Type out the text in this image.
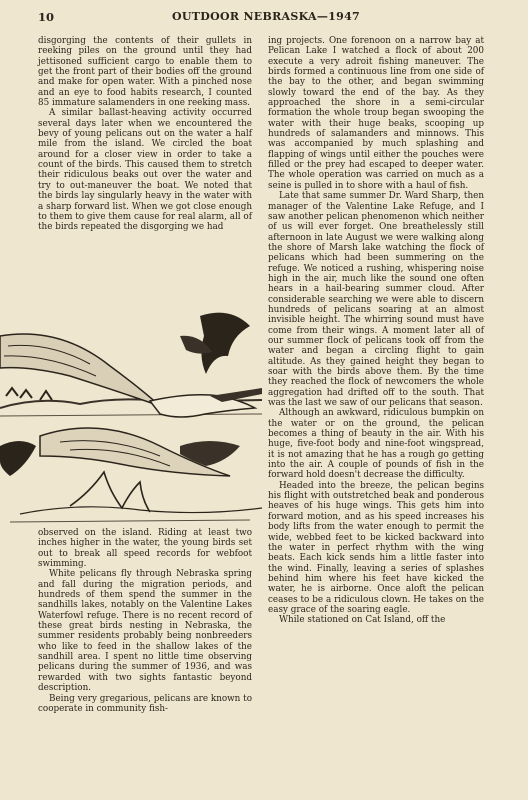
10	OUTDOOR NEBRASKA—1947

disgorging the contents of their gullets in reeking piles on the ground until they had jettisoned sufficient cargo to enable them to get the front part of their bodies off the ground and make for open water. With a pinched nose and an eye to food habits research, I counted 85 immature salamenders in one reeking mass.

A similar ballast-heaving activity occurred several days later when we encountered the bevy of young pelicans out on the water a half mile from the island. We circled the boat around for a closer view in order to take a count of the birds. This caused them to stretch their ridiculous beaks out over the water and try to out-maneuver the boat. We noted that the birds lay singularly heavy in the water with a sharp forward list. When we got close enough to them to give them cause for real alarm, all of the birds repeated the disgorging we had

observed on the island. Riding at least two inches higher in the water, the young birds set out to break all speed records for webfoot swimming.

White pelicans fly through Nebraska spring and fall during the migration periods, and hundreds of them spend the summer in the sandhills lakes, notably on the Valentine Lakes Waterfowl refuge. There is no recent record of these great birds nesting in Nebraska, the summer residents probably being nonbreeders who like to feed in the shallow lakes of the sandhill area. I spent no little time observing pelicans during the summer of 1936, and was rewarded with two sights fantastic beyond description.

Being very gregarious, pelicans are known to cooperate in community fish-

ing projects. One forenoon on a narrow bay at Pelican Lake I watched a flock of about 200 execute a very adroit fishing maneuver. The birds formed a continuous line from one side of the bay to the other, and began swimming slowly toward the end of the bay. As they approached the shore in a semi-circular formation the whole troup began swooping the water with their huge beaks, scooping up hundreds of salamanders and minnows. This was accompanied by much splashing and flapping of wings until either the pouches were filled or the prey had escaped to deeper water. The whole operation was carried on much as a seine is pulled in to shore with a haul of fish.

Late that same summer Dr. Ward Sharp, then manager of the Valentine Lake Refuge, and I saw another pelican phenomenon which neither of us will ever forget. One breathelessly still afternoon in late August we were walking along the shore of Marsh lake watching the flock of pelicans which had been summering on the refuge. We noticed a rushing, whispering noise high in the air, much like the sound one often hears in a hail-bearing summer cloud. After considerable searching we were able to discern hundreds of pelicans soaring at an almost invisible height. The whirring sound must have come from their wings. A moment later all of our summer flock of pelicans took off from the water and began a circling flight to gain altitude. As they gained height they began to soar with the birds above them. By the time they reached the flock of newcomers the whole aggregation had drifted off to the south. That was the last we saw of our pelicans that season.

Although an awkward, ridiculous bumpkin on the water or on the ground, the pelican becomes a thing of beauty in the air. With his huge, five-foot body and nine-foot wingspread, it is not amazing that he has a rough go getting into the air. A couple of pounds of fish in the forward hold doesn't decrease the difficulty.

Headed into the breeze, the pelican begins his flight with outstretched beak and ponderous heaves of his huge wings. This gets him into forward motion, and as his speed increases his body lifts from the water enough to permit the wide, webbed feet to be kicked backward into the water in perfect rhythm with the wing beats. Each kick sends him a little faster into the wind. Finally, leaving a series of splashes behind him where his feet have kicked the water, he is airborne. Once aloft the pelican ceases to be a ridiculous clown. He takes on the easy grace of the soaring eagle.

While stationed on Cat Island, off the
